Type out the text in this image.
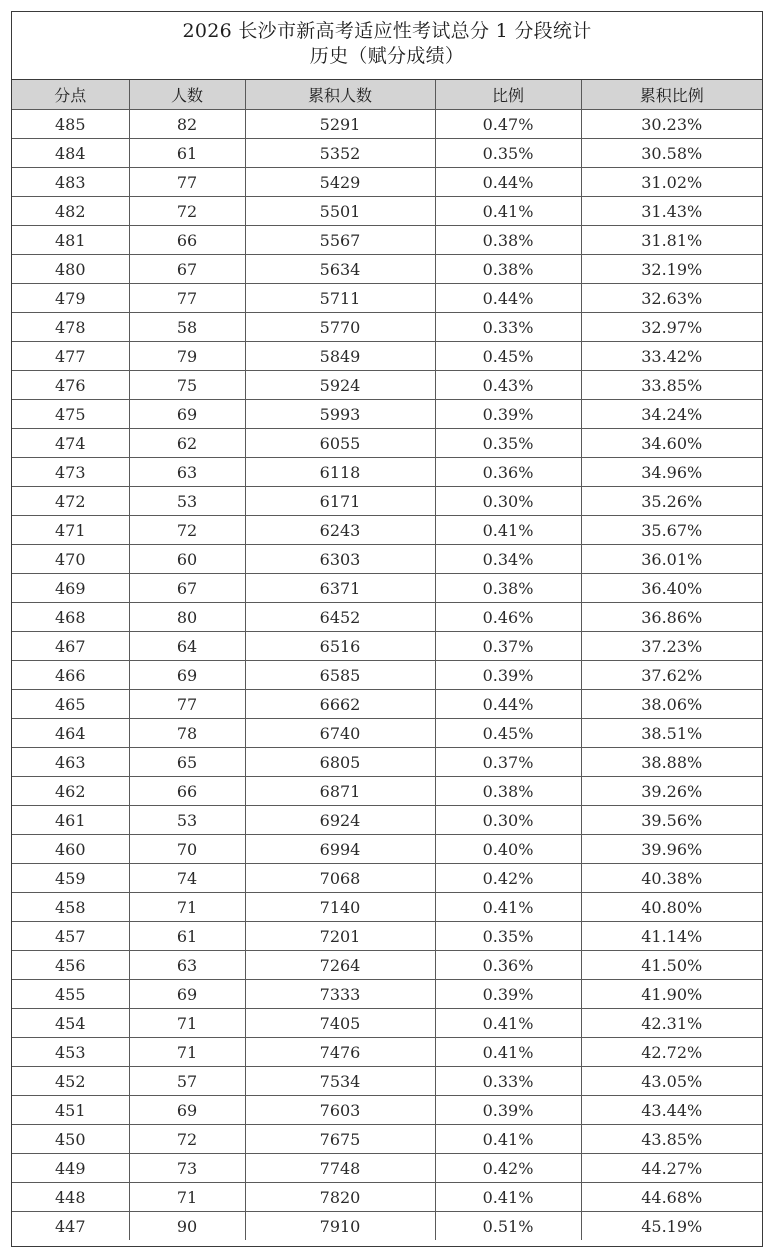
2026 长沙市新高考适应性考试总分 1 分段统计
历史（赋分成绩）
分点	人数	累积人数	比例	累积比例
485	82	5291	0.47%	30.23%
484	61	5352	0.35%	30.58%
483	77	5429	0.44%	31.02%
482	72	5501	0.41%	31.43%
481	66	5567	0.38%	31.81%
480	67	5634	0.38%	32.19%
479	77	5711	0.44%	32.63%
478	58	5770	0.33%	32.97%
477	79	5849	0.45%	33.42%
476	75	5924	0.43%	33.85%
475	69	5993	0.39%	34.24%
474	62	6055	0.35%	34.60%
473	63	6118	0.36%	34.96%
472	53	6171	0.30%	35.26%
471	72	6243	0.41%	35.67%
470	60	6303	0.34%	36.01%
469	67	6371	0.38%	36.40%
468	80	6452	0.46%	36.86%
467	64	6516	0.37%	37.23%
466	69	6585	0.39%	37.62%
465	77	6662	0.44%	38.06%
464	78	6740	0.45%	38.51%
463	65	6805	0.37%	38.88%
462	66	6871	0.38%	39.26%
461	53	6924	0.30%	39.56%
460	70	6994	0.40%	39.96%
459	74	7068	0.42%	40.38%
458	71	7140	0.41%	40.80%
457	61	7201	0.35%	41.14%
456	63	7264	0.36%	41.50%
455	69	7333	0.39%	41.90%
454	71	7405	0.41%	42.31%
453	71	7476	0.41%	42.72%
452	57	7534	0.33%	43.05%
451	69	7603	0.39%	43.44%
450	72	7675	0.41%	43.85%
449	73	7748	0.42%	44.27%
448	71	7820	0.41%	44.68%
447	90	7910	0.51%	45.19%
